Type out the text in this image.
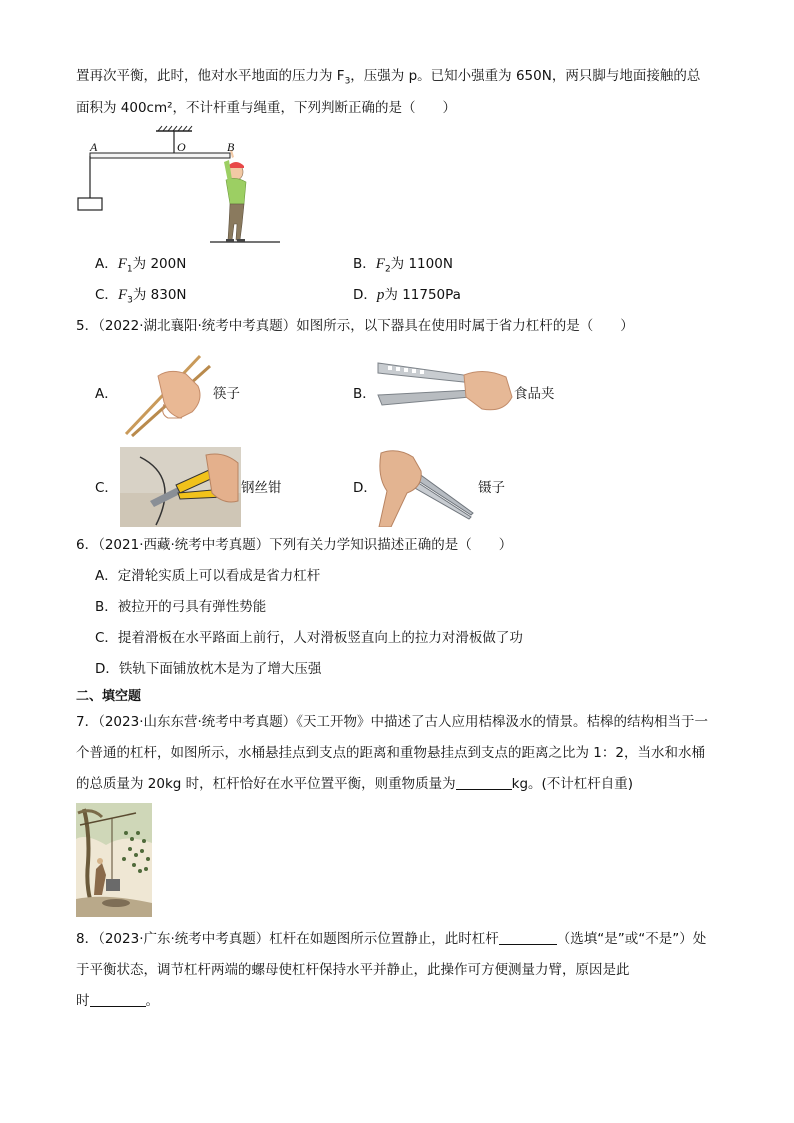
置再次平衡，此时，他对水平地面的压力为 $F_3$，压强为 p。已知小强重为 650N，两只脚与地面接触的总
面积为 400cm²，不计杆重与绳重，下列判断正确的是（　　）
A	O	B
A．$F_1$为 200N	B．$F_2$为 1100N
C．$F_3$为 830N	D．p为 11750Pa
5．（2022·湖北襄阳·统考中考真题）如图所示，以下器具在使用时属于省力杠杆的是（　　）
A．	筷子	B．	食品夹
C．	钢丝钳	D．	镊子
6．（2021·西藏·统考中考真题）下列有关力学知识描述正确的是（　　）
A．定滑轮实质上可以看成是省力杠杆
B．被拉开的弓具有弹性势能
C．提着滑板在水平路面上前行，人对滑板竖直向上的拉力对滑板做了功
D．铁轨下面铺放枕木是为了增大压强
二、填空题
7．（2023·山东东营·统考中考真题）《天工开物》中描述了古人应用桔槔汲水的情景。桔槔的结构相当于一
个普通的杠杆，如图所示，水桶悬挂点到支点的距离和重物悬挂点到支点的距离之比为 1：2，当水和水桶
的总质量为 20kg 时，杠杆恰好在水平位置平衡，则重物质量为	kg。(不计杠杆自重)
8．（2023·广东·统考中考真题）杠杆在如题图所示位置静止，此时杠杆	（选填“是”或“不是”）处
于平衡状态，调节杠杆两端的螺母使杠杆保持水平并静止，此操作可方便测量力臂，原因是此
时	。
